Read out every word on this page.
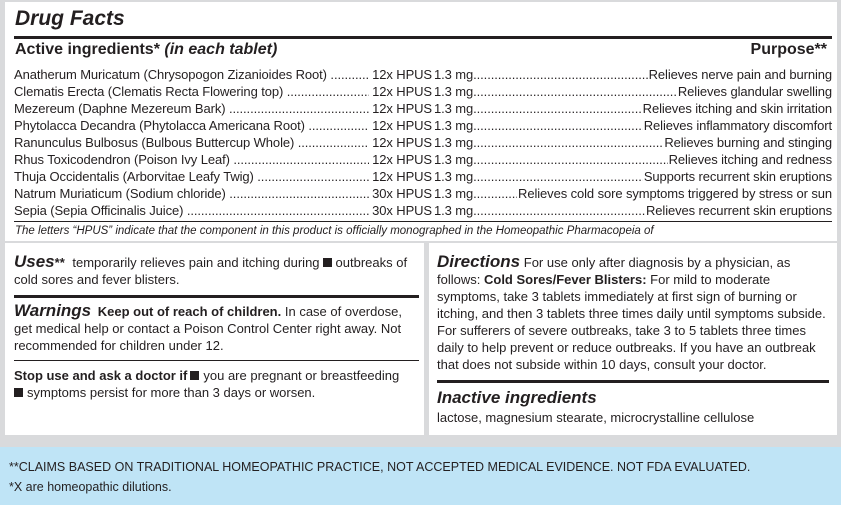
Drug Facts
Active ingredients* (in each tablet)	Purpose**
Anatherum Muricatum (Chrysopogon Zizanioides Root) .....	12x HPUS 1.3 mg. .....	Relieves nerve pain and burning
Clematis Erecta (Clematis Recta Flowering top) .....	12x HPUS 1.3 mg. .....	Relieves glandular swelling
Mezereum (Daphne Mezereum Bark) .....	12x HPUS 1.3 mg. .....	Relieves itching and skin irritation
Phytolacca Decandra (Phytolacca Americana Root) .....	12x HPUS 1.3 mg. .....	Relieves inflammatory discomfort
Ranunculus Bulbosus (Bulbous Buttercup Whole) .....	12x HPUS 1.3 mg. .....	Relieves burning and stinging
Rhus Toxicodendron (Poison Ivy Leaf) .....	12x HPUS 1.3 mg. .....	Relieves itching and redness
Thuja Occidentalis (Arborvitae Leafy Twig) .....	12x HPUS 1.3 mg. .....	Supports recurrent skin eruptions
Natrum Muriaticum (Sodium chloride) .....	30x HPUS 1.3 mg. .....	Relieves cold sore symptoms triggered by stress or sun
Sepia (Sepia Officinalis Juice) .....	30x HPUS 1.3 mg. .....	Relieves recurrent skin eruptions
The letters “HPUS” indicate that the component in this product is officially monographed in the Homeopathic Pharmacopeia of
Uses** temporarily relieves pain and itching during outbreaks of cold sores and fever blisters.
Warnings Keep out of reach of children. In case of overdose, get medical help or contact a Poison Control Center right away. Not recommended for children under 12.
Stop use and ask a doctor if you are pregnant or breastfeeding
symptoms persist for more than 3 days or worsen.
Directions For use only after diagnosis by a physician, as follows: Cold Sores/Fever Blisters: For mild to moderate symptoms, take 3 tablets immediately at first sign of burning or itching, and then 3 tablets three times daily until symptoms subside. For sufferers of severe outbreaks, take 3 to 5 tablets three times daily to help prevent or reduce outbreaks. If you have an outbreak that does not subside within 10 days, consult your doctor.
Inactive ingredients
lactose, magnesium stearate, microcrystalline cellulose
**CLAIMS BASED ON TRADITIONAL HOMEOPATHIC PRACTICE, NOT ACCEPTED MEDICAL EVIDENCE. NOT FDA EVALUATED.
*X are homeopathic dilutions.
